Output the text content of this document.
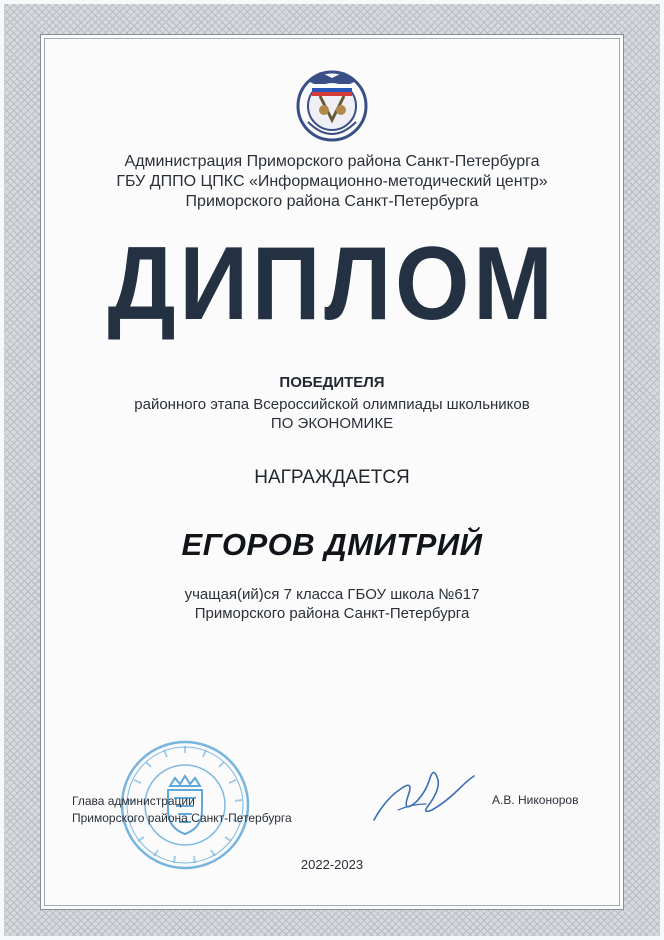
Администрация Приморского района Санкт-Петербурга
ГБУ ДППО ЦПКС «Информационно-методический центр»
Приморского района Санкт-Петербурга
ДИПЛОМ
ПОБЕДИТЕЛЯ
районного этапа Всероссийской олимпиады школьников
ПО ЭКОНОМИКЕ
НАГРАЖДАЕТСЯ
ЕГОРОВ ДМИТРИЙ
учащая(ий)ся 7 класса ГБОУ школа №617
Приморского района Санкт-Петербурга
Глава администрации
Приморского района Санкт-Петербурга
А.В. Никоноров
2022-2023
